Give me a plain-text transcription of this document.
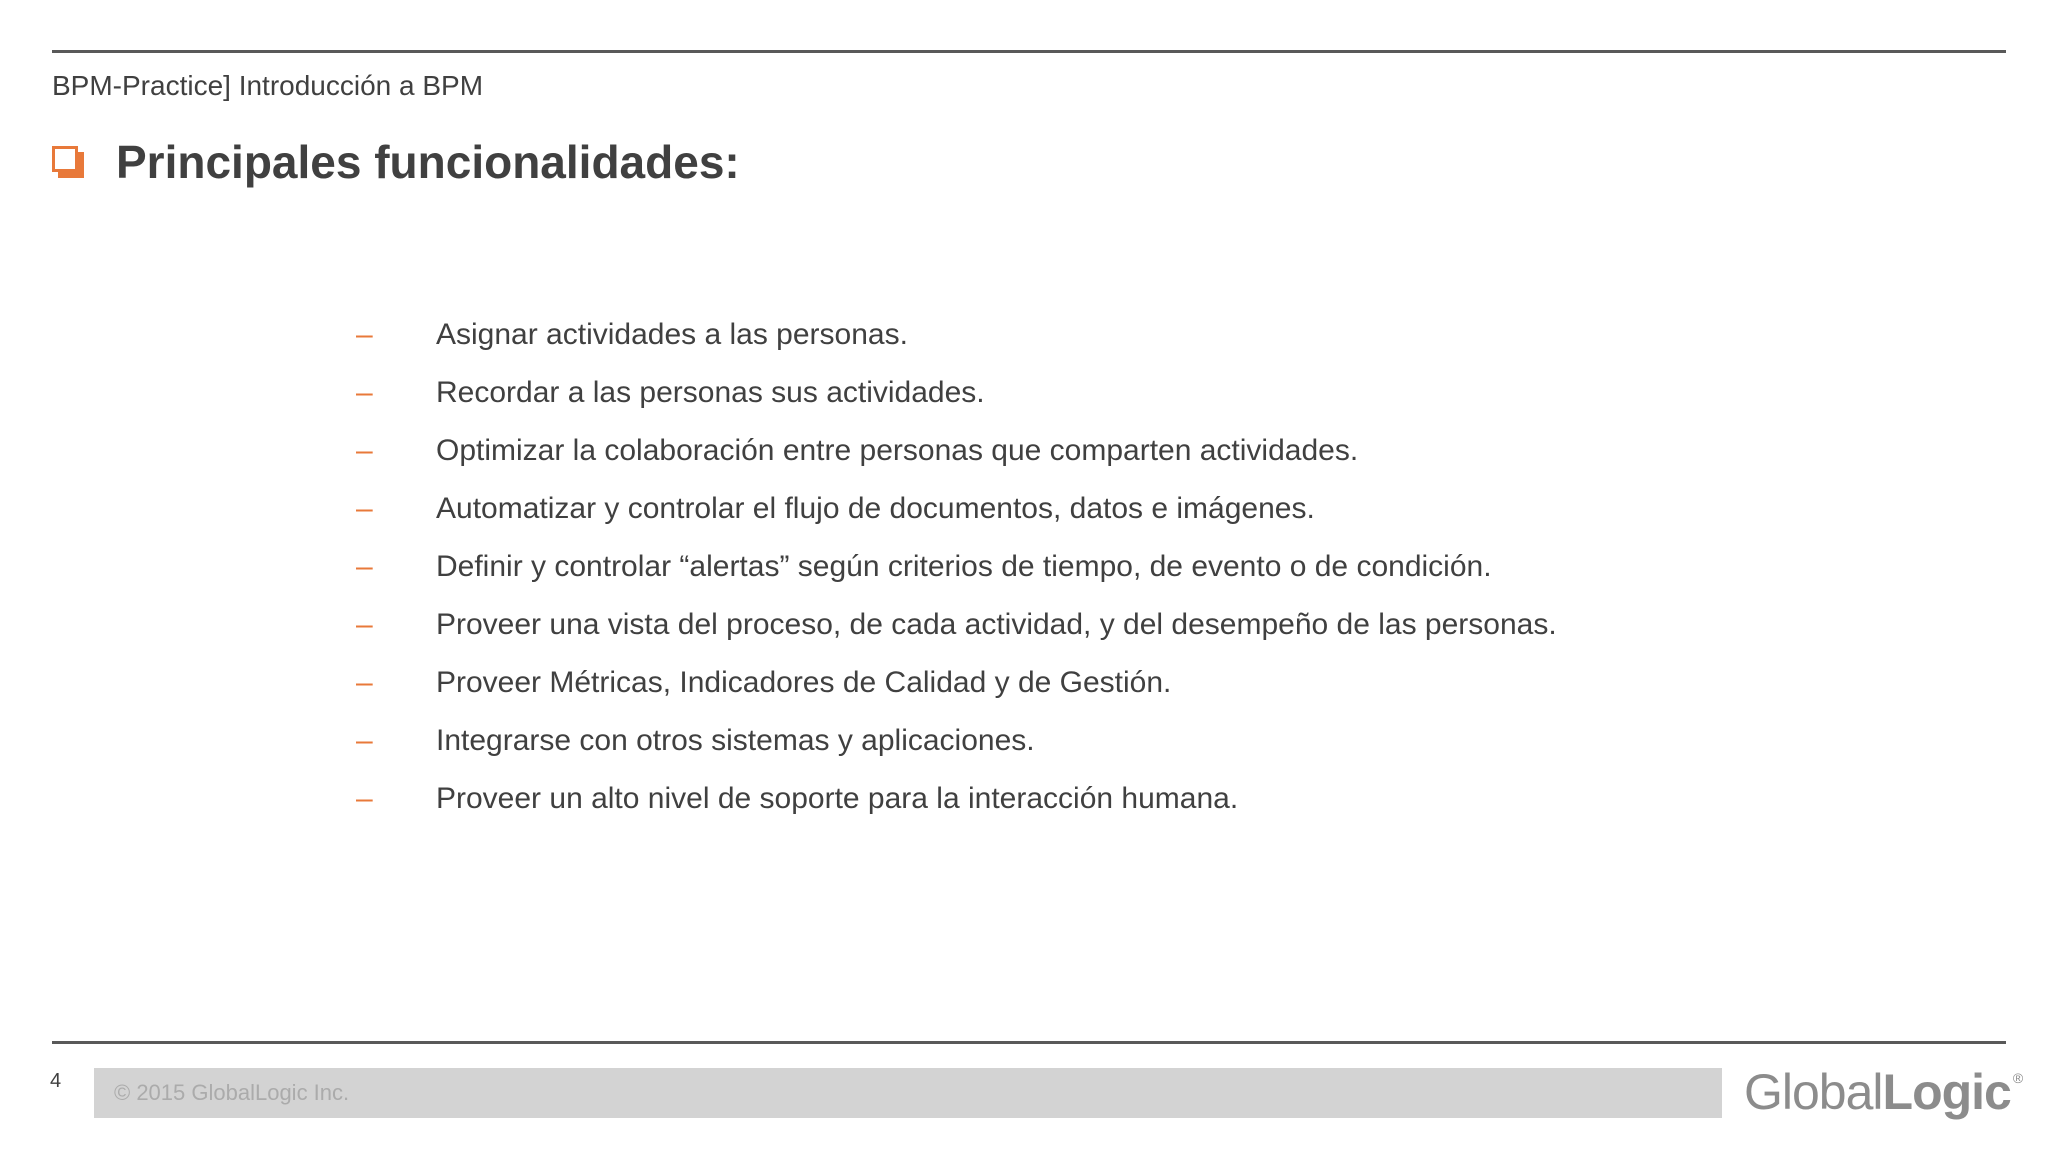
BPM-Practice] Introducción a BPM
Principales funcionalidades:
–	Asignar actividades a las personas.
–	Recordar a las personas sus actividades.
–	Optimizar la colaboración entre personas que comparten actividades.
–	Automatizar y controlar el flujo de documentos, datos e imágenes.
–	Definir y controlar “alertas” según criterios de tiempo, de evento o de condición.
–	Proveer una vista del proceso, de cada actividad, y del desempeño de las personas.
–	Proveer Métricas, Indicadores de Calidad y de Gestión.
–	Integrarse con otros sistemas y aplicaciones.
–	Proveer un alto nivel de soporte para la interacción humana.
4	© 2015 GlobalLogic Inc.	Global Logic ®
